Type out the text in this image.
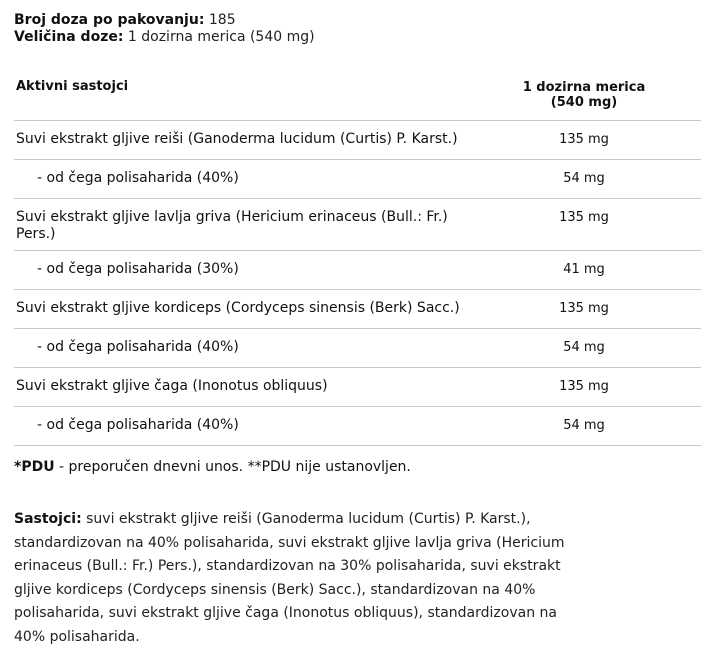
Broj doza po pakovanju: 185
Veličina doze: 1 dozirna merica (540 mg)
Aktivni sastojci	1 dozirna merica
(540 mg)
Suvi ekstrakt gljive reiši (Ganoderma lucidum (Curtis) P. Karst.)	135 mg
- od čega polisaharida (40%)	54 mg
Suvi ekstrakt gljive lavlja griva (Hericium erinaceus (Bull.: Fr.) Pers.)
135 mg
- od čega polisaharida (30%)	41 mg
Suvi ekstrakt gljive kordiceps (Cordyceps sinensis (Berk) Sacc.)	135 mg
- od čega polisaharida (40%)	54 mg
Suvi ekstrakt gljive čaga (Inonotus obliquus)	135 mg
- od čega polisaharida (40%)	54 mg
*PDU - preporučen dnevni unos. **PDU nije ustanovljen.
Sastojci: suvi ekstrakt gljive reiši (Ganoderma lucidum (Curtis) P. Karst.), standardizovan na 40% polisaharida, suvi ekstrakt gljive lavlja griva (Hericium erinaceus (Bull.: Fr.) Pers.), standardizovan na 30% polisaharida, suvi ekstrakt gljive kordiceps (Cordyceps sinensis (Berk) Sacc.), standardizovan na 40% polisaharida, suvi ekstrakt gljive čaga (Inonotus obliquus), standardizovan na 40% polisaharida.
